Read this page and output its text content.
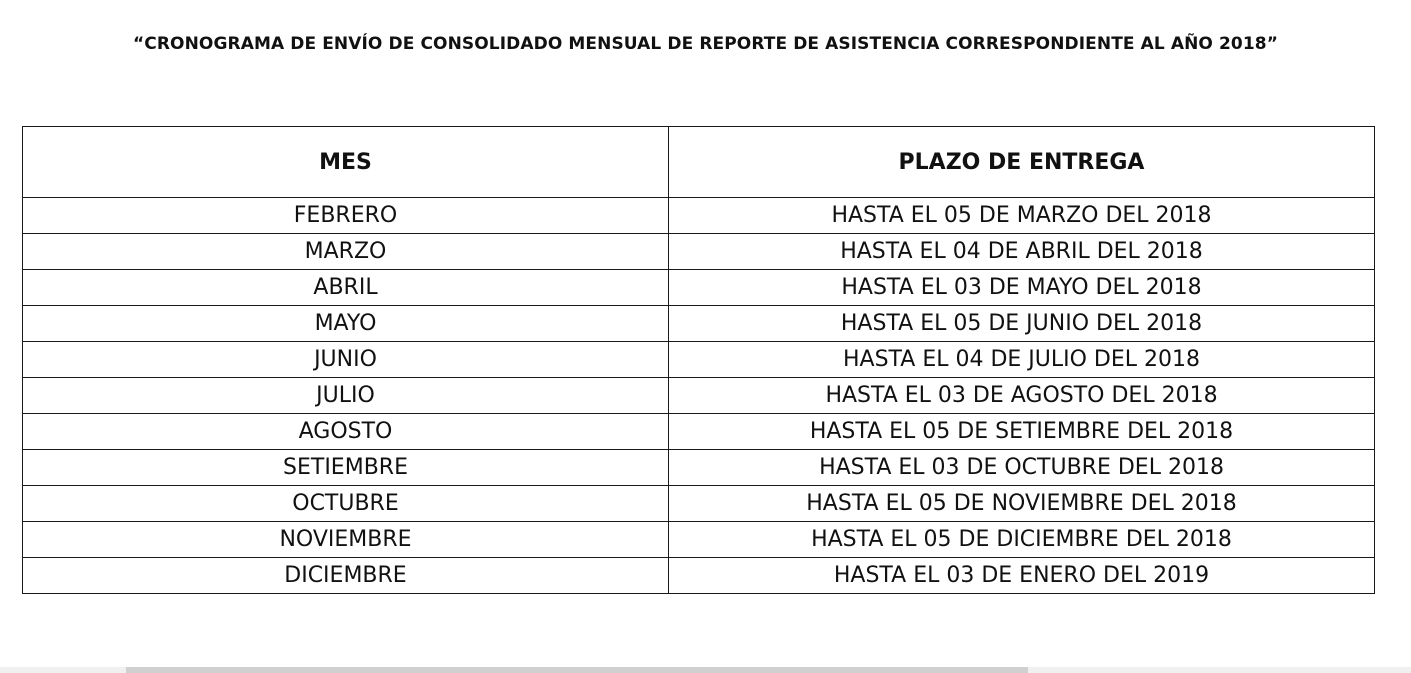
“CRONOGRAMA DE ENVÍO DE CONSOLIDADO MENSUAL DE REPORTE DE ASISTENCIA CORRESPONDIENTE AL AÑO 2018”
MES	PLAZO DE ENTREGA
FEBRERO	HASTA EL 05 DE MARZO DEL 2018
MARZO	HASTA EL 04 DE ABRIL DEL 2018
ABRIL	HASTA EL 03 DE MAYO DEL 2018
MAYO	HASTA EL 05 DE JUNIO DEL 2018
JUNIO	HASTA EL 04 DE JULIO DEL 2018
JULIO	HASTA EL 03 DE AGOSTO DEL 2018
AGOSTO	HASTA EL 05 DE SETIEMBRE DEL 2018
SETIEMBRE	HASTA EL 03 DE OCTUBRE DEL 2018
OCTUBRE	HASTA EL 05 DE NOVIEMBRE DEL 2018
NOVIEMBRE	HASTA EL 05 DE DICIEMBRE DEL 2018
DICIEMBRE	HASTA EL 03 DE ENERO DEL 2019
